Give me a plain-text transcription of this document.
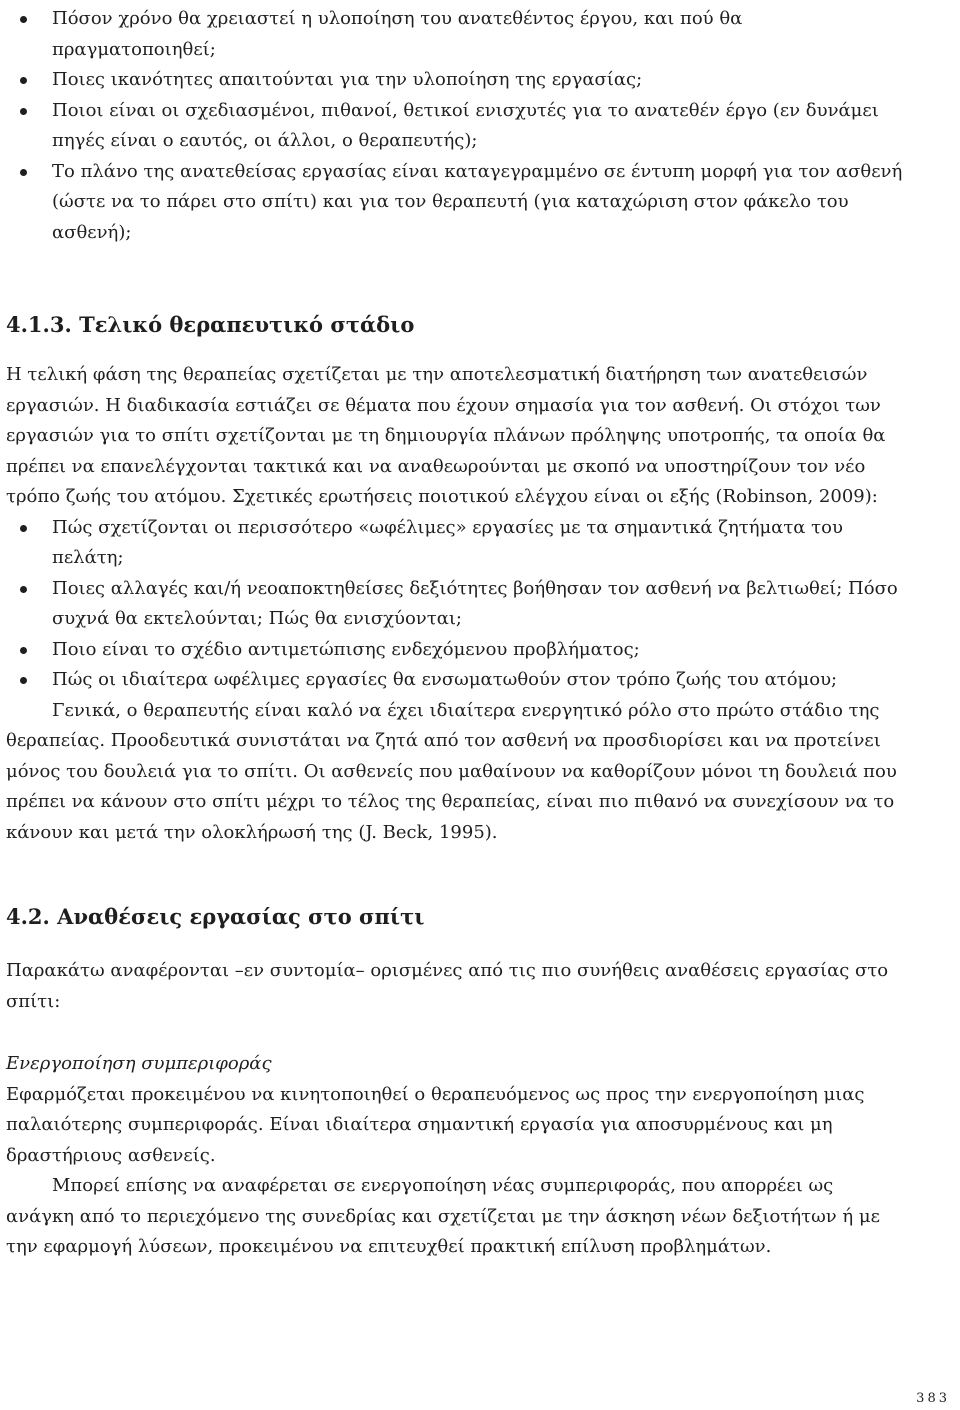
Πόσον χρόνο θα χρειαστεί η υλοποίηση του ανατεθέντος έργου, και πού θα πραγματοποιηθεί;
Ποιες ικανότητες απαιτούνται για την υλοποίηση της εργασίας;
Ποιοι είναι οι σχεδιασμένοι, πιθανοί, θετικοί ενισχυτές για το ανατεθέν έργο (εν δυνάμει πηγές είναι ο εαυτός, οι άλλοι, ο θεραπευτής);
Το πλάνο της ανατεθείσας εργασίας είναι καταγεγραμμένο σε έντυπη μορφή για τον ασθενή (ώστε να το πάρει στο σπίτι) και για τον θεραπευτή (για καταχώριση στον φάκελο του ασθενή);
4.1.3. Τελικό θεραπευτικό στάδιο

Η τελική φάση της θεραπείας σχετίζεται με την αποτελεσματική διατήρηση των ανατεθεισών εργασιών. Η διαδικασία εστιάζει σε θέματα που έχουν σημασία για τον ασθενή. Οι στόχοι των εργασιών για το σπίτι σχετίζονται με τη δημιουργία πλάνων πρόληψης υποτροπής, τα οποία θα πρέπει να επανελέγχονται τακτικά και να αναθεωρούνται με σκοπό να υποστηρίζουν τον νέο τρόπο ζωής του ατόμου. Σχετικές ερωτήσεις ποιοτικού ελέγχου είναι οι εξής (Robinson, 2009):

Πώς σχετίζονται οι περισσότερο «ωφέλιμες» εργασίες με τα σημαντικά ζητήματα του πελάτη;
Ποιες αλλαγές και/ή νεοαποκτηθείσες δεξιότητες βοήθησαν τον ασθενή να βελτιωθεί; Πόσο συχνά θα εκτελούνται; Πώς θα ενισχύονται;
Ποιο είναι το σχέδιο αντιμετώπισης ενδεχόμενου προβλήματος;
Πώς οι ιδιαίτερα ωφέλιμες εργασίες θα ενσωματωθούν στον τρόπο ζωής του ατόμου;

Γενικά, ο θεραπευτής είναι καλό να έχει ιδιαίτερα ενεργητικό ρόλο στο πρώτο στάδιο της θεραπείας. Προοδευτικά συνιστάται να ζητά από τον ασθενή να προσδιορίσει και να προτείνει μόνος του δουλειά για το σπίτι. Οι ασθενείς που μαθαίνουν να καθορίζουν μόνοι τη δουλειά που πρέπει να κάνουν στο σπίτι μέχρι το τέλος της θεραπείας, είναι πιο πιθανό να συνεχίσουν να το κάνουν και μετά την ολοκλήρωσή της (J. Beck, 1995).

4.2. Αναθέσεις εργασίας στο σπίτι

Παρακάτω αναφέρονται –εν συντομία– ορισμένες από τις πιο συνήθεις αναθέσεις εργασίας στο σπίτι:

Ενεργοποίηση συμπεριφοράς

Εφαρμόζεται προκειμένου να κινητοποιηθεί ο θεραπευόμενος ως προς την ενεργοποίηση μιας παλαιότερης συμπεριφοράς. Είναι ιδιαίτερα σημαντική εργασία για αποσυρμένους και μη δραστήριους ασθενείς.

Μπορεί επίσης να αναφέρεται σε ενεργοποίηση νέας συμπεριφοράς, που απορρέει ως ανάγκη από το περιεχόμενο της συνεδρίας και σχετίζεται με την άσκηση νέων δεξιοτήτων ή με την εφαρμογή λύσεων, προκειμένου να επιτευχθεί πρακτική επίλυση προβλημάτων.

383
